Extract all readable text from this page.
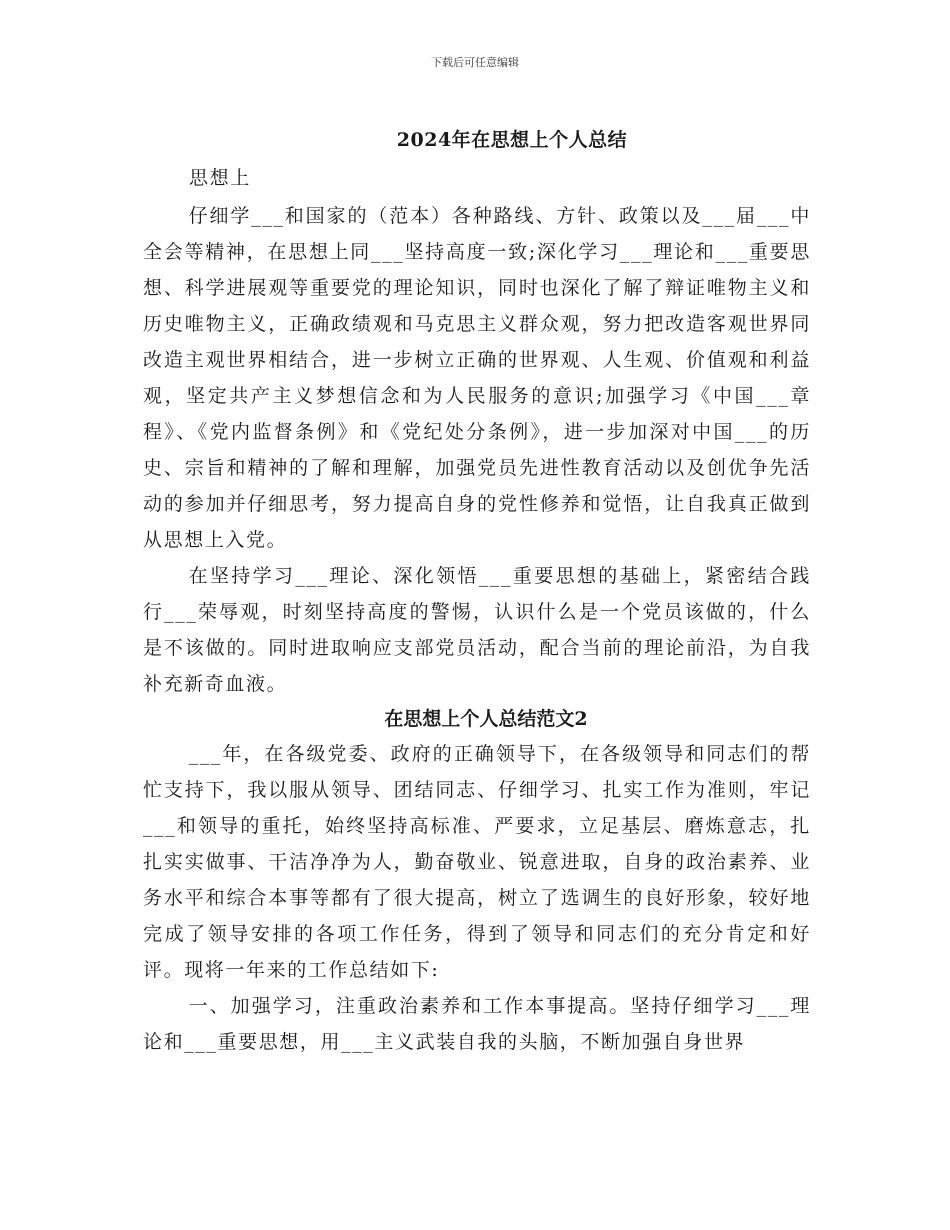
下载后可任意编辑
2024年在思想上个人总结
思想上

仔细学___和国家的（范本）各种路线、方针、政策以及___届___中全会等精神，在思想上同___坚持高度一致;深化学习___理论和___重要思想、科学进展观等重要党的理论知识，同时也深化了解了辩证唯物主义和历史唯物主义，正确政绩观和马克思主义群众观，努力把改造客观世界同改造主观世界相结合，进一步树立正确的世界观、人生观、价值观和利益观，坚定共产主义梦想信念和为人民服务的意识;加强学习《中国___章程》、《党内监督条例》和《党纪处分条例》，进一步加深对中国___的历史、宗旨和精神的了解和理解，加强党员先进性教育活动以及创优争先活动的参加并仔细思考，努力提高自身的党性修养和觉悟，让自我真正做到从思想上入党。

在坚持学习___理论、深化领悟___重要思想的基础上，紧密结合践行___荣辱观，时刻坚持高度的警惕，认识什么是一个党员该做的，什么是不该做的。同时进取响应支部党员活动，配合当前的理论前沿，为自我补充新奇血液。

在思想上个人总结范文2

___年，在各级党委、政府的正确领导下，在各级领导和同志们的帮忙支持下，我以服从领导、团结同志、仔细学习、扎实工作为准则，牢记___和领导的重托，始终坚持高标准、严要求，立足基层、磨炼意志，扎扎实实做事、干洁净净为人，勤奋敬业、锐意进取，自身的政治素养、业务水平和综合本事等都有了很大提高，树立了选调生的良好形象，较好地完成了领导安排的各项工作任务，得到了领导和同志们的充分肯定和好评。现将一年来的工作总结如下:

一、加强学习，注重政治素养和工作本事提高。坚持仔细学习___理论和___重要思想，用___主义武装自我的头脑，不断加强自身世界
